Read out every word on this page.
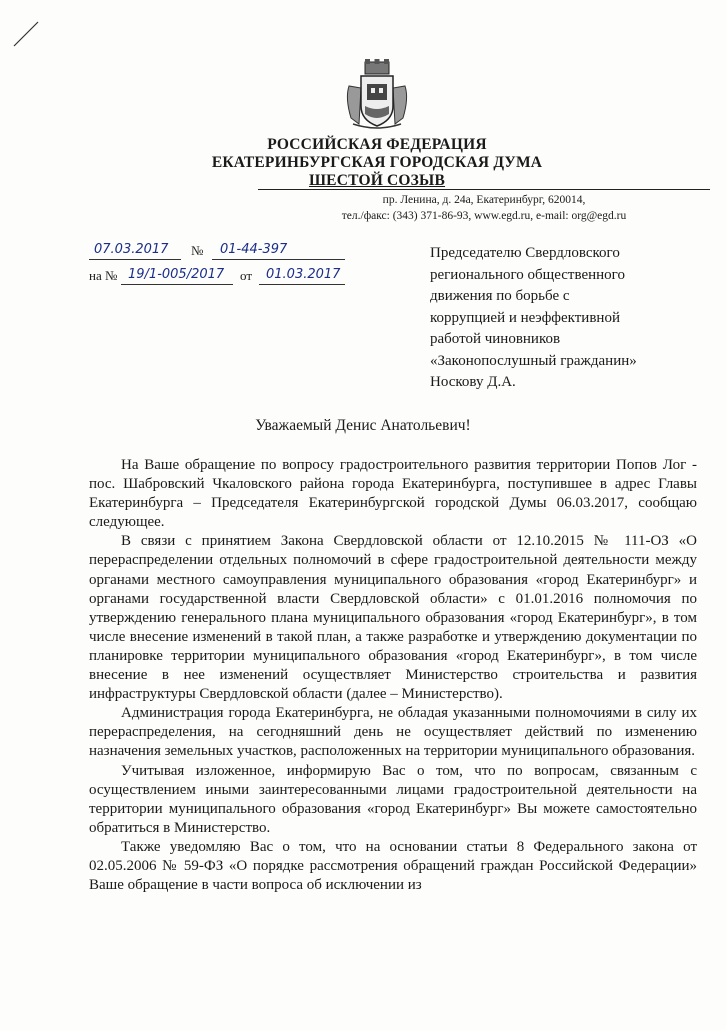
РОССИЙСКАЯ ФЕДЕРАЦИЯ
ЕКАТЕРИНБУРГСКАЯ ГОРОДСКАЯ ДУМА
ШЕСТОЙ СОЗЫВ
пр. Ленина, д. 24а, Екатеринбург, 620014,
тел./факс: (343) 371-86-93, www.egd.ru, e-mail: org@egd.ru
07.03.2017 № 01-44-397
на № 19/1-005/2017 от 01.03.2017
Председателю Свердловского
регионального общественного
движения по борьбе с
коррупцией и неэффективной
работой чиновников
«Законопослушный гражданин»
Носкову Д.А.
Уважаемый Денис Анатольевич!

На Ваше обращение по вопросу градостроительного развития территории Попов Лог - пос. Шабровский Чкаловского района города Екатеринбурга, поступившее в адрес Главы Екатеринбурга – Председателя Екатеринбургской городской Думы 06.03.2017, сообщаю следующее.

В связи с принятием Закона Свердловской области от 12.10.2015 № 111-ОЗ «О перераспределении отдельных полномочий в сфере градостроительной деятельности между органами местного самоуправления муниципального образования «город Екатеринбург» и органами государственной власти Свердловской области» с 01.01.2016 полномочия по утверждению генерального плана муниципального образования «город Екатеринбург», в том числе внесение изменений в такой план, а также разработке и утверждению документации по планировке территории муниципального образования «город Екатеринбург», в том числе внесение в нее изменений осуществляет Министерство строительства и развития инфраструктуры Свердловской области (далее – Министерство).

Администрация города Екатеринбурга, не обладая указанными полномочиями в силу их перераспределения, на сегодняшний день не осуществляет действий по изменению назначения земельных участков, расположенных на территории муниципального образования.

Учитывая изложенное, информирую Вас о том, что по вопросам, связанным с осуществлением иными заинтересованными лицами градостроительной деятельности на территории муниципального образования «город Екатеринбург» Вы можете самостоятельно обратиться в Министерство.

Также уведомляю Вас о том, что на основании статьи 8 Федерального закона от 02.05.2006 № 59-ФЗ «О порядке рассмотрения обращений граждан Российской Федерации» Ваше обращение в части вопроса об исключении из
